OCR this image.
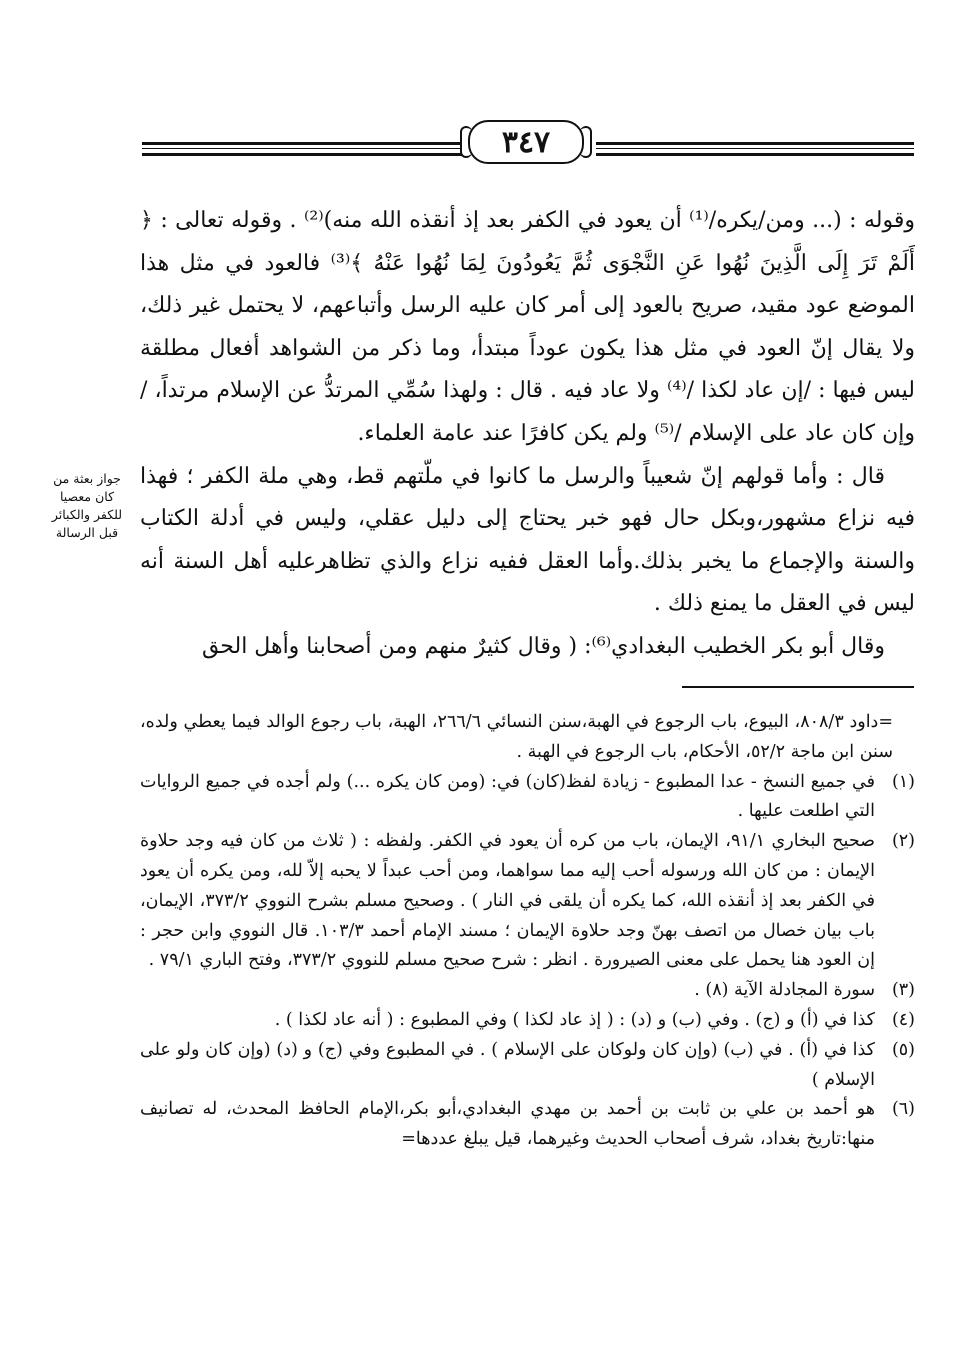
٣٤٧

وقوله : (... ومن/يكره/⁽¹⁾ أن يعود في الكفر بعد إذ أنقذه الله منه)⁽²⁾ . وقوله تعالى : ﴿ أَلَمْ تَرَ إِلَى الَّذِينَ نُهُوا عَنِ النَّجْوَى ثُمَّ يَعُودُونَ لِمَا نُهُوا عَنْهُ ﴾⁽³⁾ فالعود في مثل هذا الموضع عود مقيد، صريح بالعود إلى أمر كان عليه الرسل وأتباعهم، لا يحتمل غير ذلك، ولا يقال إنّ العود في مثل هذا يكون عوداً مبتدأ، وما ذكر من الشواهد أفعال مطلقة ليس فيها : /إن عاد لكذا /⁽⁴⁾ ولا عاد فيه . قال : ولهذا سُمِّي المرتدُّ عن الإسلام مرتداً، / وإن كان عاد على الإسلام /⁽⁵⁾ ولم يكن كافرًا عند عامة العلماء.

قال : وأما قولهم إنّ شعيباً والرسل ما كانوا في ملّتهم قط، وهي ملة الكفر ؛ فهذا فيه نزاع مشهور،وبكل حال فهو خبر يحتاج إلى دليل عقلي، وليس في أدلة الكتاب والسنة والإجماع ما يخبر بذلك.وأما العقل ففيه نزاع والذي تظاهرعليه أهل السنة أنه ليس في العقل ما يمنع ذلك .

وقال أبو بكر الخطيب البغدادي⁽⁶⁾: ( وقال كثيرٌ منهم ومن أصحابنا وأهل الحق

جواز بعثة من كان معصيا للكفر والكبائر قبل الرسالة
=داود ٨٠٨/٣، البيوع، باب الرجوع في الهبة،سنن النسائي ٢٦٦/٦، الهبة، باب رجوع الوالد فيما يعطي ولده، سنن ابن ماجة ٥٢/٢، الأحكام، باب الرجوع في الهبة .
(١)
في جميع النسخ - عدا المطبوع - زيادة لفظ(كان) في: (ومن كان يكره ...) ولم أجده في جميع الروايات التي اطلعت عليها .
(٢)
صحيح البخاري ٩١/١، الإيمان، باب من كره أن يعود في الكفر. ولفظه : ( ثلاث من كان فيه وجد حلاوة الإيمان : من كان الله ورسوله أحب إليه مما سواهما، ومن أحب عبداً لا يحبه إلاّ لله، ومن يكره أن يعود في الكفر بعد إذ أنقذه الله، كما يكره أن يلقى في النار ) . وصحيح مسلم بشرح النووي ٣٧٣/٢، الإيمان، باب بيان خصال من اتصف بهنّ وجد حلاوة الإيمان ؛ مسند الإمام أحمد ١٠٣/٣. قال النووي وابن حجر : إن العود هنا يحمل على معنى الصيرورة . انظر : شرح صحيح مسلم للنووي ٣٧٣/٢، وفتح الباري ٧٩/١ .
(٣)
سورة المجادلة الآية (٨) .
(٤)
كذا في (أ) و (ج) . وفي (ب) و (د) : ( إذ عاد لكذا ) وفي المطبوع : ( أنه عاد لكذا ) .
(٥)
كذا في (أ) . في (ب) (وإن كان ولوكان على الإسلام ) . في المطبوع وفي (ج) و (د) (وإن كان ولو على الإسلام )
(٦)
هو أحمد بن علي بن ثابت بن أحمد بن مهدي البغدادي،أبو بكر،الإمام الحافظ المحدث، له تصانيف منها:تاريخ بغداد، شرف أصحاب الحديث وغيرهما، قيل يبلغ عددها=
